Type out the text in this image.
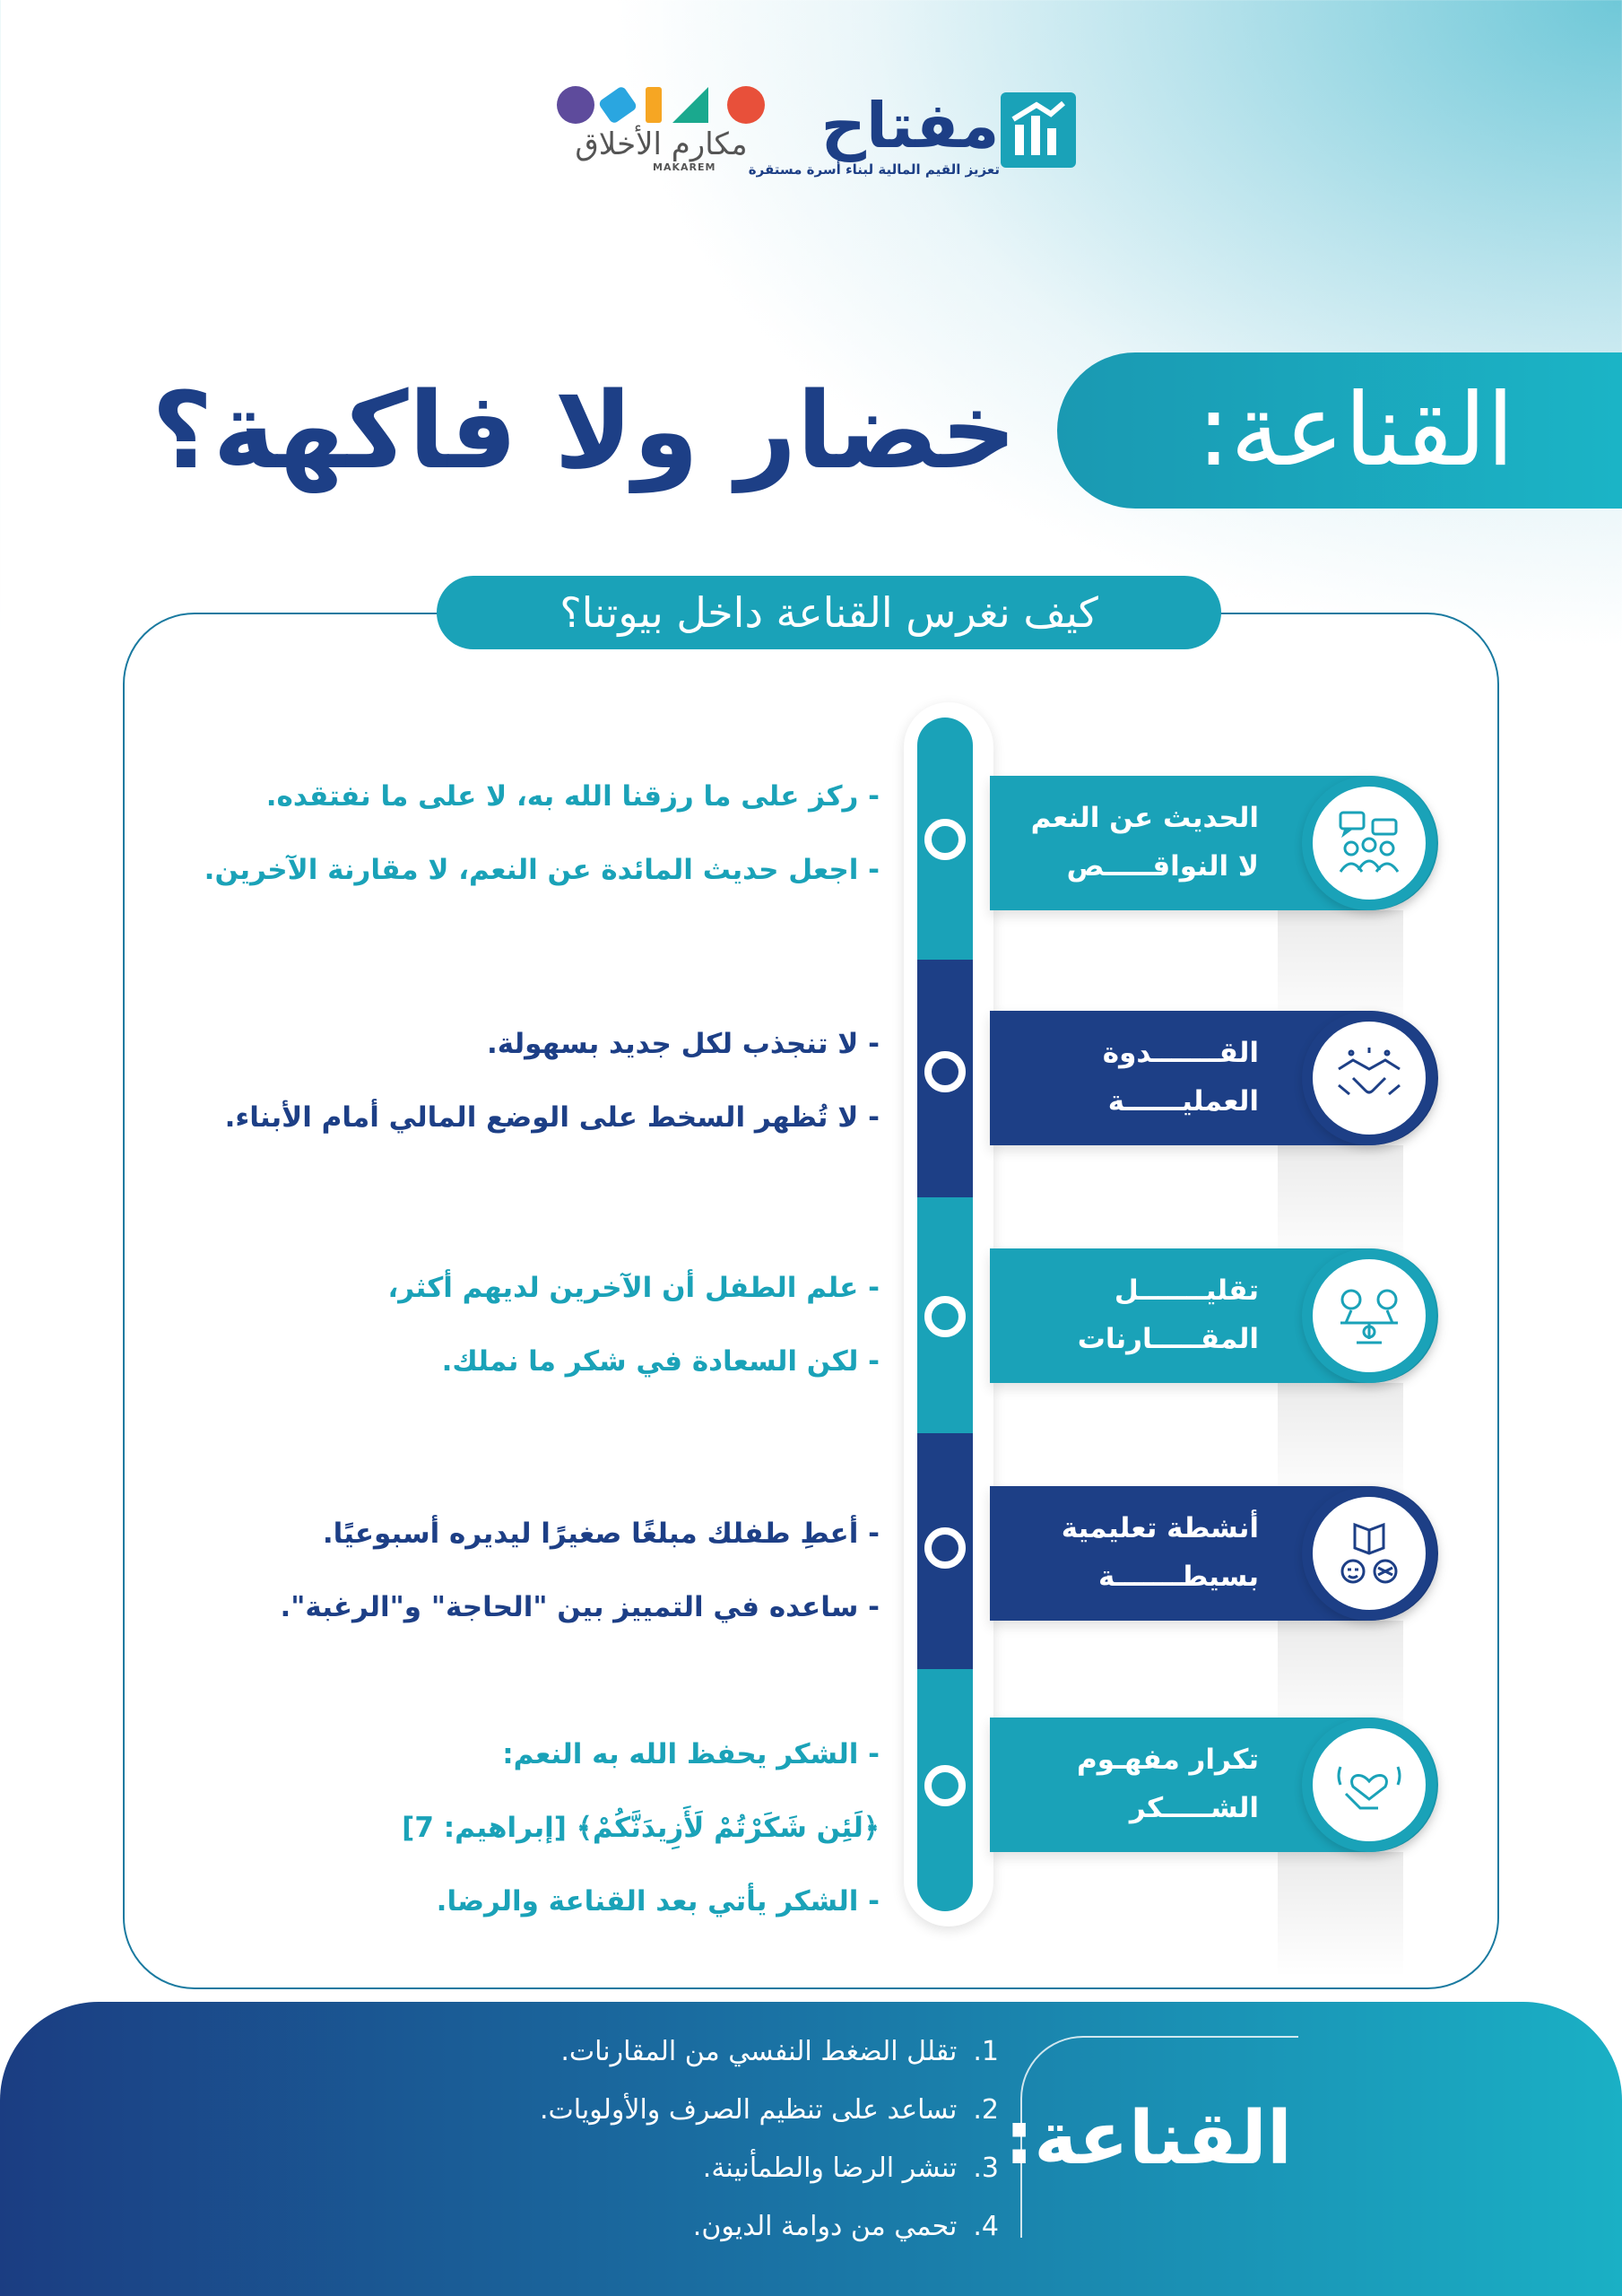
مفتاح
تعزيز القيم المالية لبناء أسرة مستقرة
مكارم الأخلاق
MAKAREM
القناعة:
خضار ولا فاكهة؟
كيف نغرس القناعة داخل بيوتنا؟
الحديث عن النعم
لا النواقـــــص
- ركز على ما رزقنا الله به، لا على ما نفتقده.
- اجعل حديث المائدة عن النعم، لا مقارنة الآخرين.
القـــــــدوة
العمليــــــة
- لا تنجذب لكل جديد بسهولة.
- لا تُظهر السخط على الوضع المالي أمام الأبناء.
تقليـــــــل
المقـــــارنات
- علم الطفل أن الآخرين لديهم أكثر،
- لكن السعادة في شكر ما نملك.
أنشطة تعليمية
بسيطـــــــة
- أعطِ طفلك مبلغًا صغيرًا ليديره أسبوعيًا.
- ساعده في التمييز بين "الحاجة" و"الرغبة".
تكرار مفهـوم
الشـــــكر
- الشكر يحفظ الله به النعم:
﴿لَئِن شَكَرْتُمْ لَأَزِيدَنَّكُمْ﴾ [إبراهيم: 7]
- الشكر يأتي بعد القناعة والرضا.
القناعة:
1.تقلل الضغط النفسي من المقارنات.
2.تساعد على تنظيم الصرف والأولويات.
3.تنشر الرضا والطمأنينة.
4.تحمي من دوامة الديون.
